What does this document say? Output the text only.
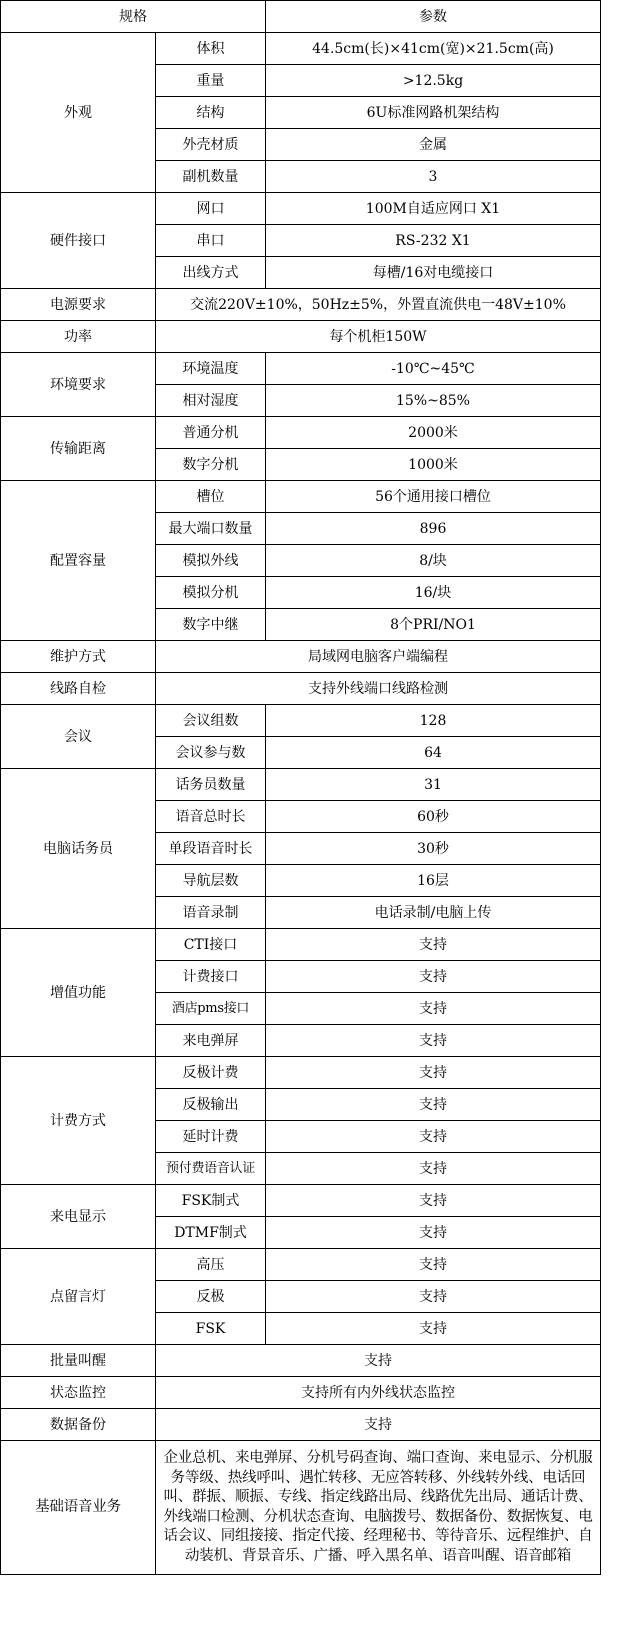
规格		参数
外观	体积	44.5cm(长)×41cm(宽)×21.5cm(高)
	重量	>12.5kg
	结构	6U标准网路机架结构
	外壳材质	金属
	副机数量	3
硬件接口	网口	100M自适应网口 X1
	串口	RS-232 X1
	出线方式	每槽/16对电缆接口
电源要求	交流220V±10%，50Hz±5%，外置直流供电一48V±10%	
功率	每个机柜150W	
环境要求	环境温度	-10℃~45℃
	相对湿度	15%~85%
传输距离	普通分机	2000米
	数字分机	1000米
配置容量	槽位	56个通用接口槽位
	最大端口数量	896
	模拟外线	8/块
	模拟分机	16/块
	数字中继	8个PRI/NO1
维护方式	局域网电脑客户端编程	
线路自检	支持外线端口线路检测	
会议	会议组数	128
	会议参与数	64
电脑话务员	话务员数量	31
	语音总时长	60秒
	单段语音时长	30秒
	导航层数	16层
	语音录制	电话录制/电脑上传
增值功能	CTI接口	支持
	计费接口	支持
	酒店pms接口	支持
	来电弹屏	支持
计费方式	反极计费	支持
	反极输出	支持
	延时计费	支持
	预付费语音认证	支持
来电显示	FSK制式	支持
	DTMF制式	支持
点留言灯	高压	支持
	反极	支持
	FSK	支持
批量叫醒	支持	
状态监控	支持所有内外线状态监控	
数据备份	支持	
基础语音业务	企业总机、来电弹屏、分机号码查询、端口查询、来电显示、分机服务等级、热线呼叫、遇忙转移、无应答转移、外线转外线、电话回叫、群振、顺振、专线、指定线路出局、线路优先出局、通话计费、外线端口检测、分机状态查询、电脑拨号、数据备份、数据恢复、电话会议、同组接接、指定代接、经理秘书、等待音乐、远程维护、自动装机、背景音乐、广播、呼入黑名单、语音叫醒、语音邮箱	
